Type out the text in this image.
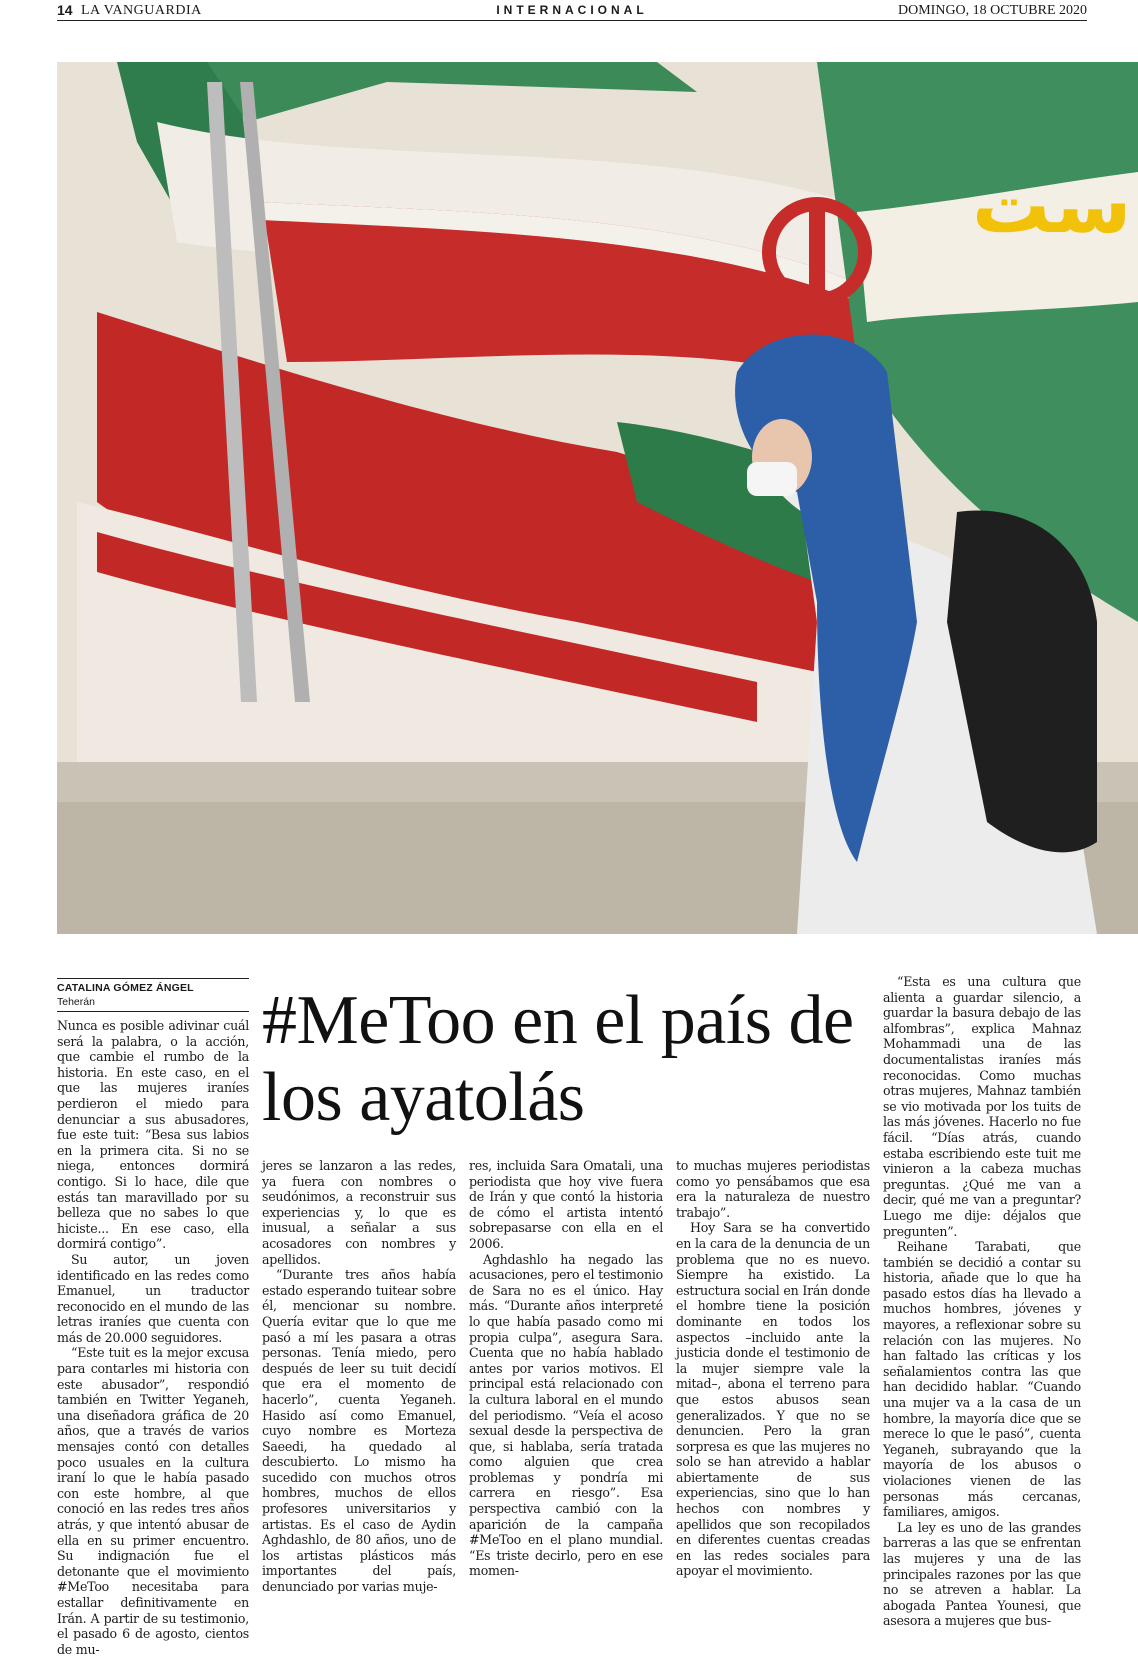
14 LA VANGUARDIA	INTERNACIONAL	DOMINGO, 18 OCTUBRE 2020
ست
CATALINA GÓMEZ ÁNGEL
Teherán	#MeToo en el país de los ayatolás

Nunca es posible adivinar cuál será la palabra, o la acción, que cambie el rumbo de la historia. En este caso, en el que las mujeres iraníes perdieron el miedo para denunciar a sus abusadores, fue este tuit: “Besa sus labios en la primera cita. Si no se niega, entonces dormirá contigo. Si lo hace, dile que estás tan maravillado por su belleza que no sabes lo que hiciste... En ese caso, ella dormirá contigo”.

Su autor, un joven identificado en las redes como Emanuel, un traductor reconocido en el mundo de las letras iraníes que cuenta con más de 20.000 seguidores.

“Este tuit es la mejor excusa para contarles mi historia con este abusador”, respondió también en Twitter Yeganeh, una diseñadora gráfica de 20 años, que a través de varios mensajes contó con detalles poco usuales en la cultura iraní lo que le había pasado con este hombre, al que conoció en las redes tres años atrás, y que intentó abusar de ella en su primer encuentro. Su indignación fue el detonante que el movimiento #MeToo necesitaba para estallar definitivamente en Irán. A partir de su testimonio, el pasado 6 de agosto, cientos de mu-

jeres se lanzaron a las redes, ya fuera con nombres o seudónimos, a reconstruir sus experiencias y, lo que es inusual, a señalar a sus acosadores con nombres y apellidos.

“Durante tres años había estado esperando tuitear sobre él, mencionar su nombre. Quería evitar que lo que me pasó a mí les pasara a otras personas. Tenía miedo, pero después de leer su tuit decidí que era el momento de hacerlo”, cuenta Yeganeh. Hasido así como Emanuel, cuyo nombre es Morteza Saeedi, ha quedado al descubierto. Lo mismo ha sucedido con muchos otros hombres, muchos de ellos profesores universitarios y artistas. Es el caso de Aydin Aghdashlo, de 80 años, uno de los artistas plásticos más importantes del país, denunciado por varias muje-

res, incluida Sara Omatali, una periodista que hoy vive fuera de Irán y que contó la historia de cómo el artista intentó sobrepasarse con ella en el 2006.

Aghdashlo ha negado las acusaciones, pero el testimonio de Sara no es el único. Hay más. “Durante años interpreté lo que había pasado como mi propia culpa”, asegura Sara. Cuenta que no había hablado antes por varios motivos. El principal está relacionado con la cultura laboral en el mundo del periodismo. “Veía el acoso sexual desde la perspectiva de que, si hablaba, sería tratada como alguien que crea problemas y pondría mi carrera en riesgo”. Esa perspectiva cambió con la aparición de la campaña #MeToo en el plano mundial. “Es triste decirlo, pero en ese momen-

to muchas mujeres periodistas como yo pensábamos que esa era la naturaleza de nuestro trabajo”.

Hoy Sara se ha convertido en la cara de la denuncia de un problema que no es nuevo. Siempre ha existido. La estructura social en Irán donde el hombre tiene la posición dominante en todos los aspectos –incluido ante la justicia donde el testimonio de la mujer siempre vale la mitad–, abona el terreno para que estos abusos sean generalizados. Y que no se denuncien. Pero la gran sorpresa es que las mujeres no solo se han atrevido a hablar abiertamente de sus experiencias, sino que lo han hechos con nombres y apellidos que son recopilados en diferentes cuentas creadas en las redes sociales para apoyar el movimiento.

“Esta es una cultura que alienta a guardar silencio, a guardar la basura debajo de las alfombras”, explica Mahnaz Mohammadi una de las documentalistas iraníes más reconocidas. Como muchas otras mujeres, Mahnaz también se vio motivada por los tuits de las más jóvenes. Hacerlo no fue fácil. “Días atrás, cuando estaba escribiendo este tuit me vinieron a la cabeza muchas preguntas. ¿Qué me van a decir, qué me van a preguntar? Luego me dije: déjalos que pregunten”.

Reihane Tarabati, que también se decidió a contar su historia, añade que lo que ha pasado estos días ha llevado a muchos hombres, jóvenes y mayores, a reflexionar sobre su relación con las mujeres. No han faltado las críticas y los señalamientos contra las que han decidido hablar. “Cuando una mujer va a la casa de un hombre, la mayoría dice que se merece lo que le pasó”, cuenta Yeganeh, subrayando que la mayoría de los abusos o violaciones vienen de las personas más cercanas, familiares, amigos.

La ley es uno de las grandes barreras a las que se enfrentan las mujeres y una de las principales razones por las que no se atreven a hablar. La abogada Pantea Younesi, que asesora a mujeres que bus-
